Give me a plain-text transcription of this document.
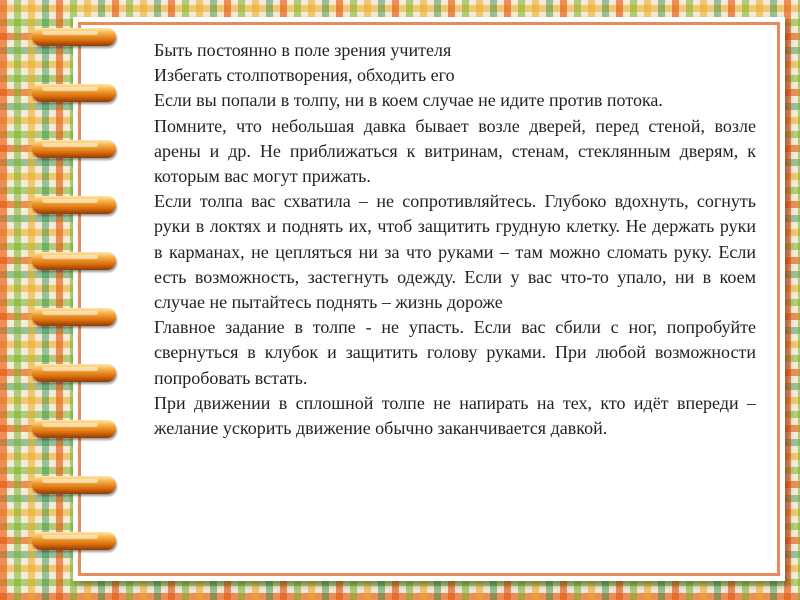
Быть постоянно в поле зрения учителя
Избегать столпотворения, обходить его
Если вы попали в толпу, ни в коем случае не идите против потока.
Помните, что небольшая давка бывает возле дверей, перед стеной, возле арены и др. Не приближаться к витринам, стенам, стеклянным дверям, к которым вас могут прижать.
Если толпа вас схватила – не сопротивляйтесь. Глубоко вдохнуть, согнуть руки в локтях и поднять их, чтоб защитить грудную клетку. Не держать руки в карманах, не цепляться ни за что руками – там можно сломать руку. Если есть возможность, застегнуть одежду. Если у вас что-то упало, ни в коем случае не пытайтесь поднять – жизнь дороже
Главное задание в толпе - не упасть. Если вас сбили с ног, попробуйте свернуться в клубок и защитить голову руками. При любой возможности попробовать встать.
При движении в сплошной толпе не напирать на тех, кто идёт впереди – желание ускорить движение обычно заканчивается давкой.
